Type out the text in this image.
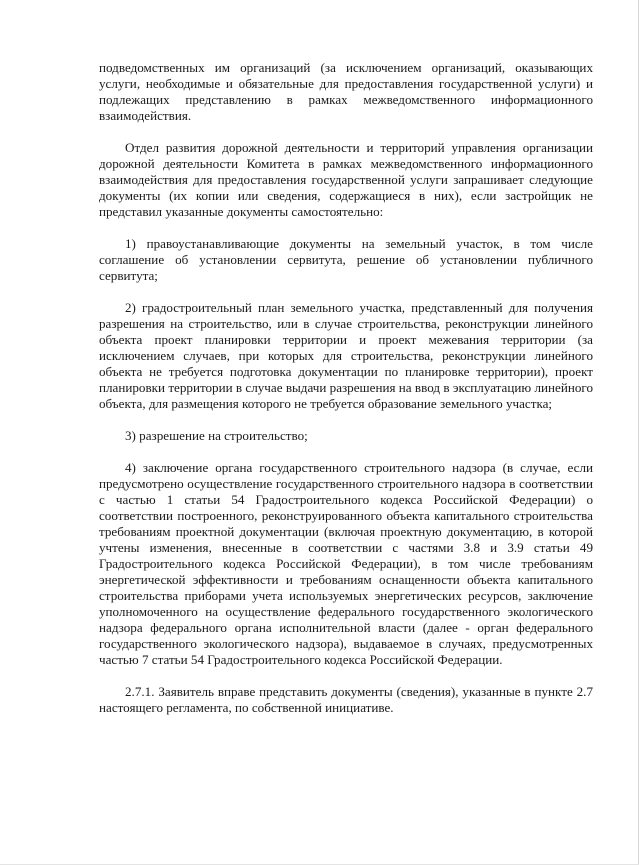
подведомственных им организаций (за исключением организаций, оказывающих услуги, необходимые и обязательные для предоставления государственной услуги) и подлежащих представлению в рамках межведомственного информационного взаимодействия.

Отдел развития дорожной деятельности и территорий управления организации дорожной деятельности Комитета в рамках межведомственного информационного взаимодействия для предоставления государственной услуги запрашивает следующие документы (их копии или сведения, содержащиеся в них), если застройщик не представил указанные документы самостоятельно:

1) правоустанавливающие документы на земельный участок, в том числе соглашение об установлении сервитута, решение об установлении публичного сервитута;

2) градостроительный план земельного участка, представленный для получения разрешения на строительство, или в случае строительства, реконструкции линейного объекта проект планировки территории и проект межевания территории (за исключением случаев, при которых для строительства, реконструкции линейного объекта не требуется подготовка документации по планировке территории), проект планировки территории в случае выдачи разрешения на ввод в эксплуатацию линейного объекта, для размещения которого не требуется образование земельного участка;

3) разрешение на строительство;

4) заключение органа государственного строительного надзора (в случае, если предусмотрено осуществление государственного строительного надзора в соответствии с частью 1 статьи 54 Градостроительного кодекса Российской Федерации) о соответствии построенного, реконструированного объекта капитального строительства требованиям проектной документации (включая проектную документацию, в которой учтены изменения, внесенные в соответствии с частями 3.8 и 3.9 статьи 49 Градостроительного кодекса Российской Федерации), в том числе требованиям энергетической эффективности и требованиям оснащенности объекта капитального строительства приборами учета используемых энергетических ресурсов, заключение уполномоченного на осуществление федерального государственного экологического надзора федерального органа исполнительной власти (далее - орган федерального государственного экологического надзора), выдаваемое в случаях, предусмотренных частью 7 статьи 54 Градостроительного кодекса Российской Федерации.

2.7.1. Заявитель вправе представить документы (сведения), указанные в пункте 2.7 настоящего регламента, по собственной инициативе.
